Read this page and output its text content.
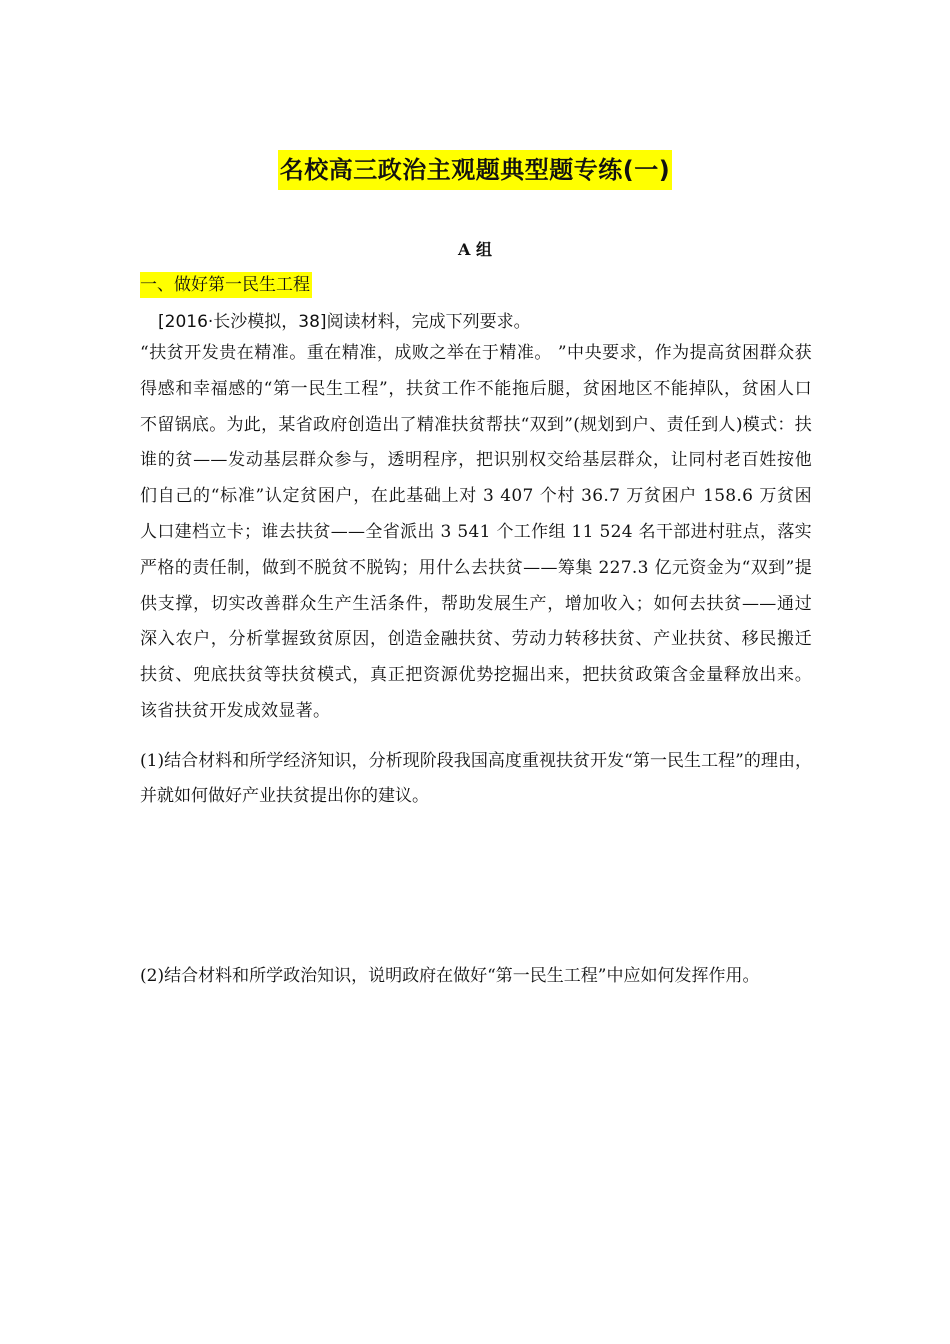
名校高三政治主观题典型题专练(一)
A 组
一、做好第一民生工程
[2016·长沙模拟，38]阅读材料，完成下列要求。
“扶贫开发贵在精准。重在精准，成败之举在于精准。 ”中央要求，作为提高贫困群众获得感和幸福感的“第一民生工程”，扶贫工作不能拖后腿，贫困地区不能掉队，贫困人口不留锅底。为此，某省政府创造出了精准扶贫帮扶“双到”(规划到户、责任到人)模式：扶谁的贫——发动基层群众参与，透明程序，把识别权交给基层群众，让同村老百姓按他们自己的“标准”认定贫困户，在此基础上对 3 407 个村 36.7 万贫困户 158.6 万贫困人口建档立卡；谁去扶贫——全省派出 3 541 个工作组 11 524 名干部进村驻点，落实严格的责任制，做到不脱贫不脱钩；用什么去扶贫——筹集 227.3 亿元资金为“双到”提供支撑，切实改善群众生产生活条件，帮助发展生产，增加收入；如何去扶贫——通过深入农户，分析掌握致贫原因，创造金融扶贫、劳动力转移扶贫、产业扶贫、移民搬迁扶贫、兜底扶贫等扶贫模式，真正把资源优势挖掘出来，把扶贫政策含金量释放出来。该省扶贫开发成效显著。
(1)结合材料和所学经济知识，分析现阶段我国高度重视扶贫开发“第一民生工程”的理由，并就如何做好产业扶贫提出你的建议。
(2)结合材料和所学政治知识，说明政府在做好“第一民生工程”中应如何发挥作用。
